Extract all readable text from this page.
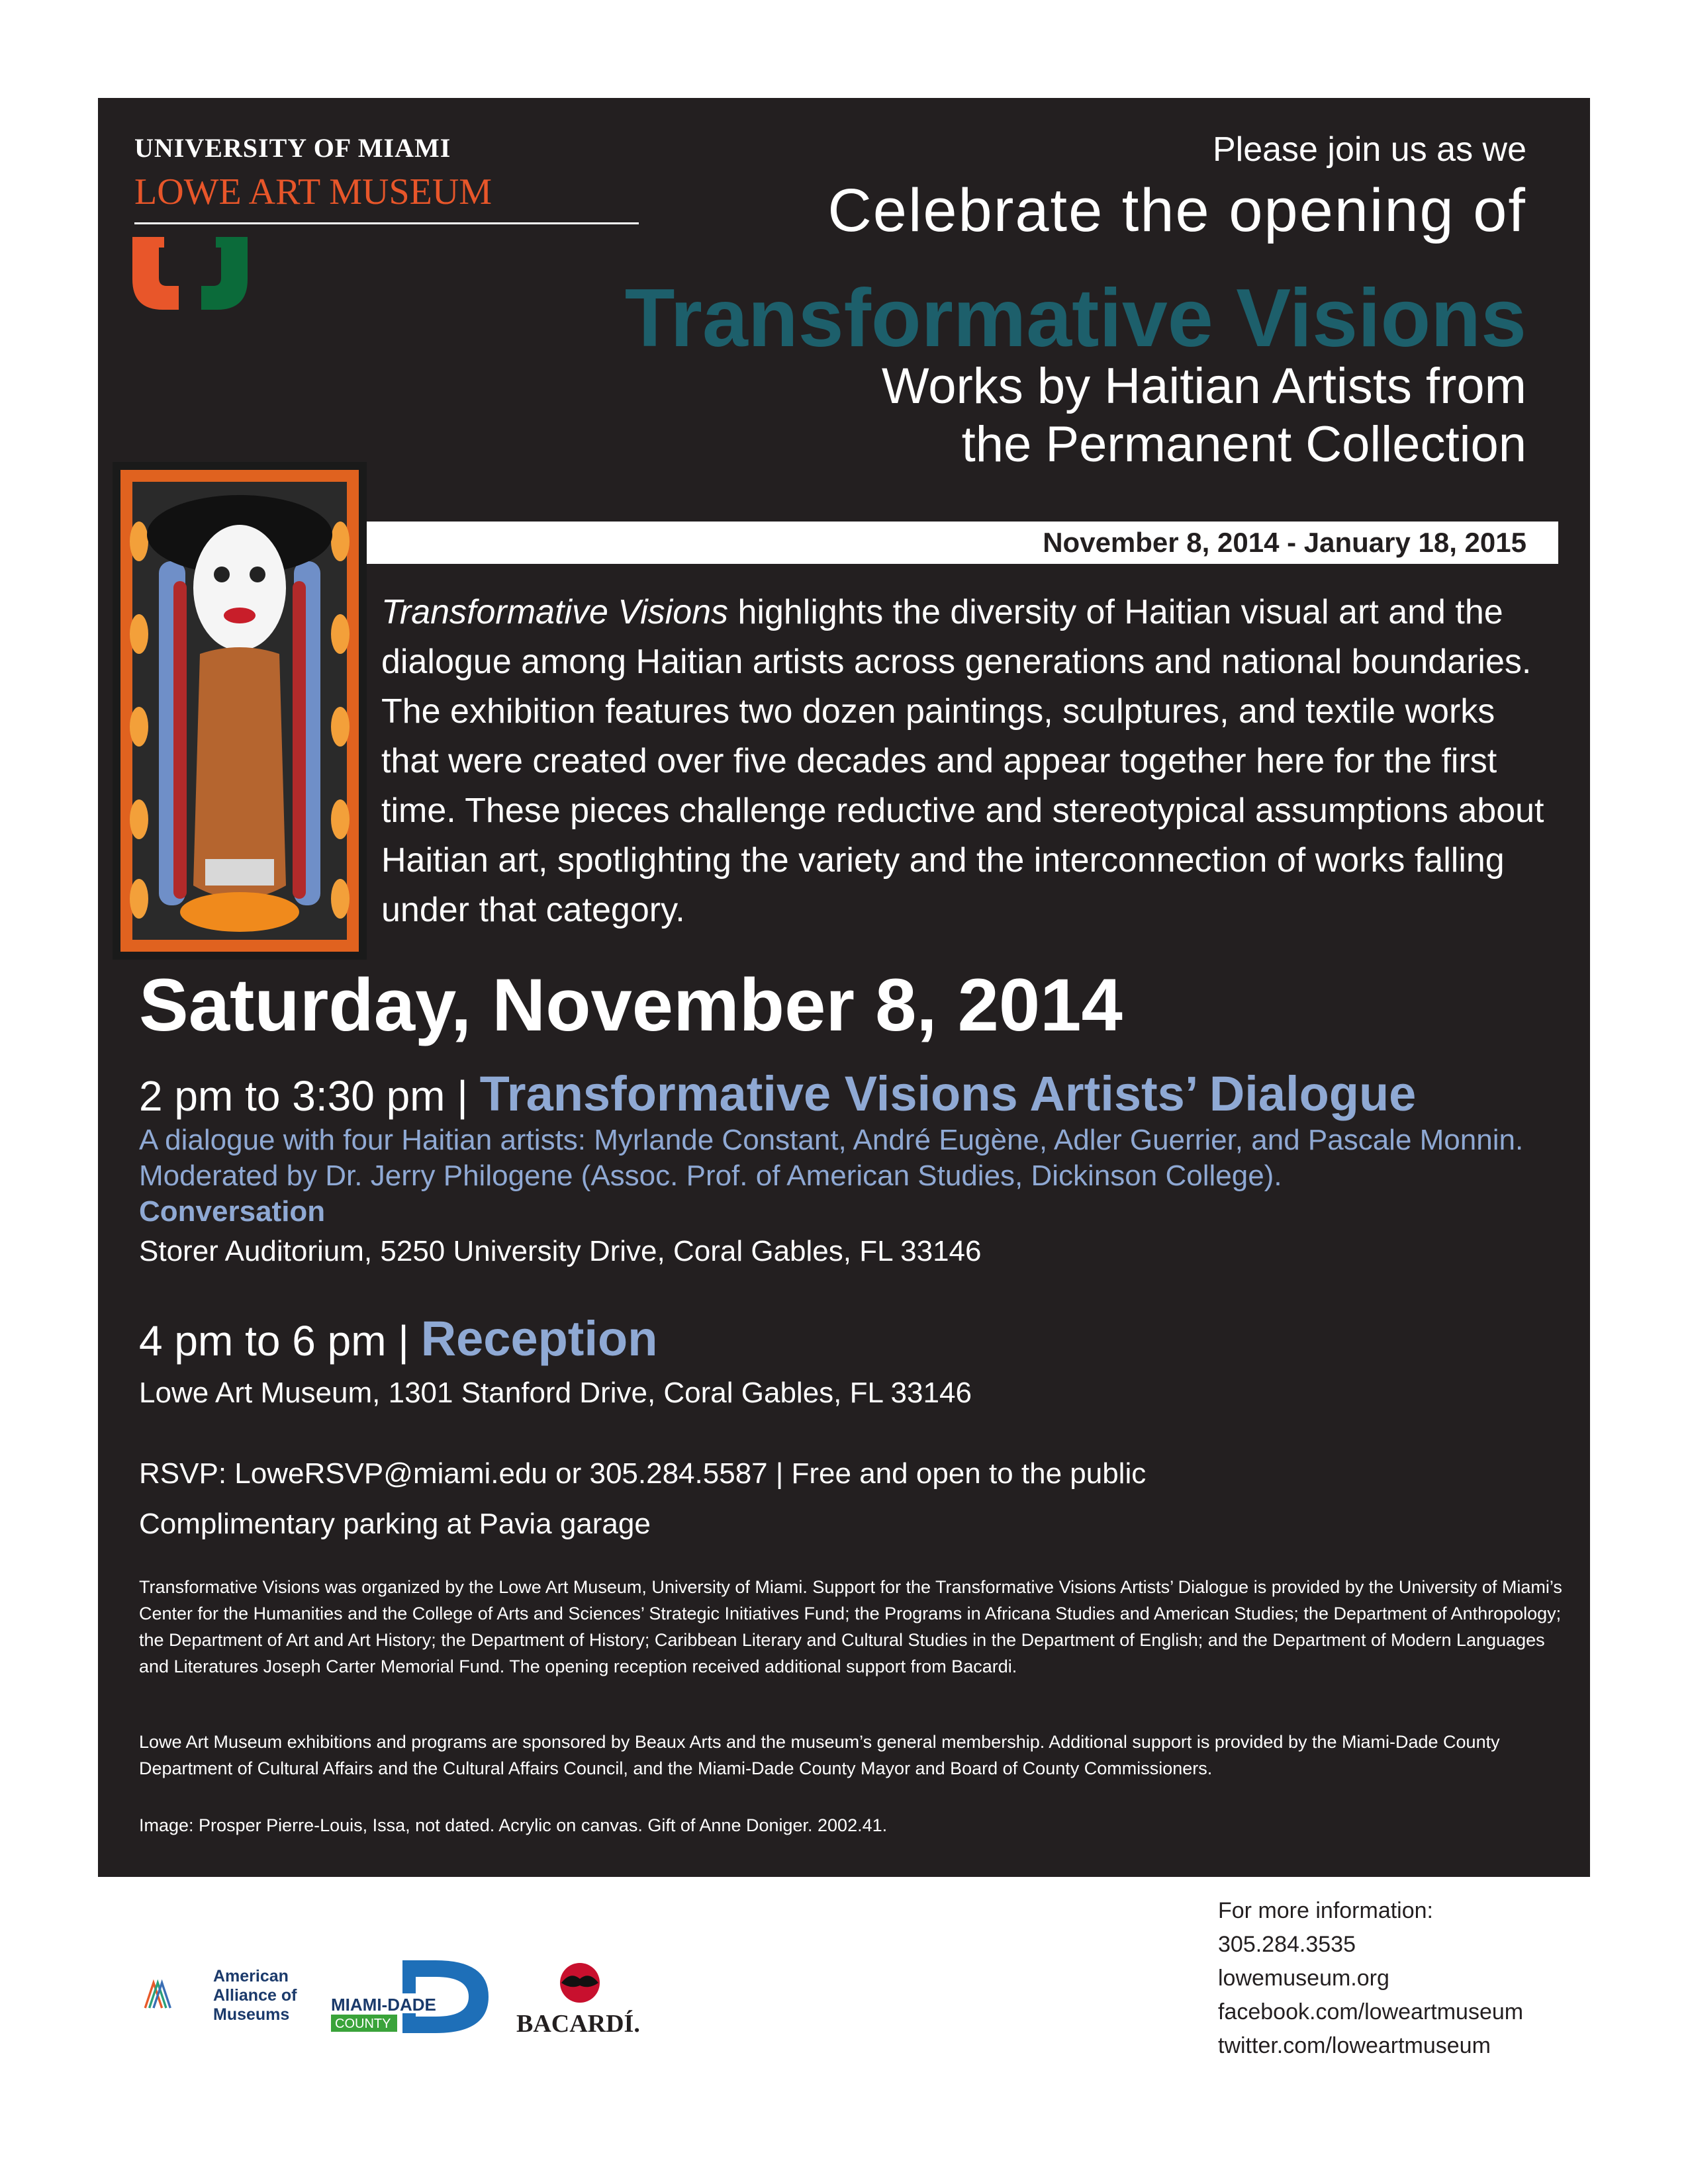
UNIVERSITY OF MIAMI
LOWE ART MUSEUM
Please join us as we
Celebrate the opening of
Transformative Visions
Works by Haitian Artists from
the Permanent Collection
November 8, 2014 - January 18, 2015
Transformative Visions highlights the diversity of Haitian visual art and the dialogue among Haitian artists across generations and national boundaries. The exhibition features two dozen paintings, sculptures, and textile works that were created over five decades and appear together here for the first time. These pieces challenge reductive and stereotypical assumptions about Haitian art, spotlighting the variety and the interconnection of works falling under that category.
Saturday, November 8, 2014
2 pm to 3:30 pm | Transformative Visions Artists’ Dialogue
A dialogue with four Haitian artists: Myrlande Constant, André Eugène, Adler Guerrier, and Pascale Monnin.
Moderated by Dr. Jerry Philogene (Assoc. Prof. of American Studies, Dickinson College).
Conversation
Storer Auditorium, 5250 University Drive, Coral Gables, FL 33146
4 pm to 6 pm | Reception
Lowe Art Museum, 1301 Stanford Drive, Coral Gables, FL 33146
RSVP: LoweRSVP@miami.edu or 305.284.5587 | Free and open to the public
Complimentary parking at Pavia garage
Transformative Visions was organized by the Lowe Art Museum, University of Miami. Support for the Transformative Visions Artists’ Dialogue is provided by the University of Miami’s Center for the Humanities and the College of Arts and Sciences’ Strategic Initiatives Fund; the Programs in Africana Studies and American Studies; the Department of Anthropology; the Department of Art and Art History; the Department of History; Caribbean Literary and Cultural Studies in the Department of English; and the Department of Modern Languages and Literatures Joseph Carter Memorial Fund. The opening reception received additional support from Bacardi.
Lowe Art Museum exhibitions and programs are sponsored by Beaux Arts and the museum’s general membership. Additional support is provided by the Miami-Dade County Department of Cultural Affairs and the Cultural Affairs Council, and the Miami-Dade County Mayor and Board of County Commissioners.
Image: Prosper Pierre-Louis, Issa, not dated. Acrylic on canvas. Gift of Anne Doniger. 2002.41.
For more information:
305.284.3535
lowemuseum.org
facebook.com/loweartmuseum
twitter.com/loweartmuseum
American
Alliance of
Museums	MIAMI-DADE
COUNTY	BACARDÍ.
